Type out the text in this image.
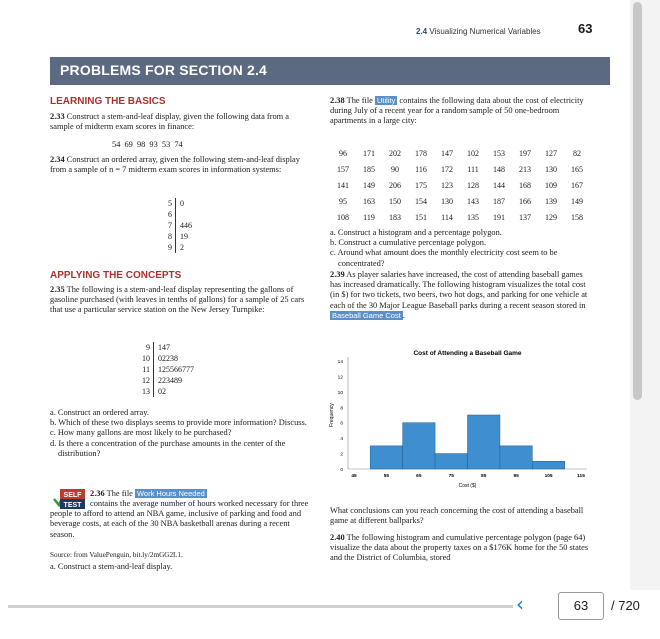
2.4 Visualizing Numerical Variables	63
PROBLEMS FOR SECTION 2.4
LEARNING THE BASICS
2.33 Construct a stem-and-leaf display, given the following data from a sample of midterm exam scores in finance:
54 69 98 93 53 74
2.34 Construct an ordered array, given the following stem-and-leaf display from a sample of n = 7 midterm exam scores in information systems:
5	0
6
7	446
8	19
9	2
APPLYING THE CONCEPTS
2.35 The following is a stem-and-leaf display representing the gallons of gasoline purchased (with leaves in tenths of gallons) for a sample of 25 cars that use a particular service station on the New Jersey Turnpike:
9	147
10	02238
11	125566777
12	223489
13	02
a. Construct an ordered array.
b. Which of these two displays seems to provide more information? Discuss.
c. How many gallons are most likely to be purchased?
d. Is there a concentration of the purchase amounts in the center of the distribution?
SELF
TEST
2.36 The file Work Hours Needed
contains the average number of hours worked necessary for three people to afford to attend an NBA game, inclusive of parking and food and beverage costs, at each of the 30 NBA basketball arenas during a recent season.
Source: from ValuePenguin, bit.ly/2mGG2L1.
a. Construct a stem-and-leaf display.
2.38 The file Utility contains the following data about the cost of electricity during July of a recent year for a random sample of 50 one-bedroom apartments in a large city:
96	171	202	178	147	102	153	197	127	82
157	185	90	116	172	111	148	213	130	165
141	149	206	175	123	128	144	168	109	167
95	163	150	154	130	143	187	166	139	149
108	119	183	151	114	135	191	137	129	158
a. Construct a histogram and a percentage polygon.
b. Construct a cumulative percentage polygon.
c. Around what amount does the monthly electricity cost seem to be concentrated?
2.39 As player salaries have increased, the cost of attending baseball games has increased dramatically. The following histogram visualizes the total cost (in $) for two tickets, two beers, two hot dogs, and parking for one vehicle at each of the 30 Major League Baseball parks during a recent season stored in Baseball Game Cost .
Cost of Attending a Baseball Game
0
2
4
6
8
10
12
14
45	55	65	75	85	95	105	115
Cost ($)
Frequency
What conclusions can you reach concerning the cost of attending a baseball game at different ballparks?
2.40 The following histogram and cumulative percentage polygon (page 64) visualize the data about the property taxes on a $176K home for the 50 states and the District of Columbia, stored
‹	63	/ 720
